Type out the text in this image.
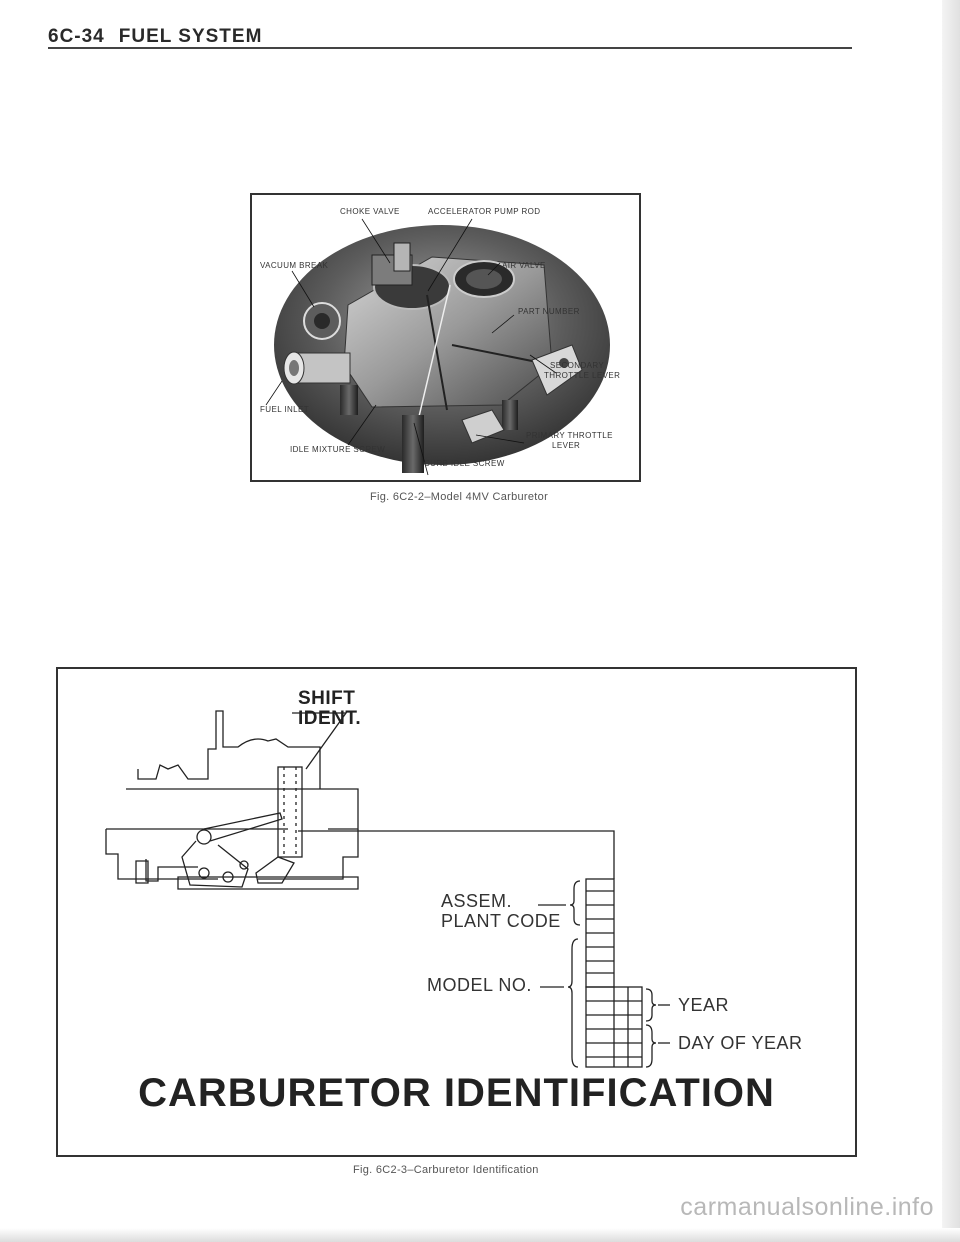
6C-34 FUEL SYSTEM
CHOKE VALVE	ACCELERATOR PUMP ROD
VACUUM BREAK	AIR VALVE
PART NUMBER
SECONDARY
THROTTLE LEVER
FUEL INLET
PRIMARY THROTTLE
LEVER
IDLE MIXTURE SCREW
CURB IDLE SCREW
Fig. 6C2-2–Model 4MV Carburetor
SHIFT
IDENT.
ASSEM.
PLANT CODE
MODEL NO.
YEAR
DAY OF YEAR
CARBURETOR IDENTIFICATION
Fig. 6C2-3–Carburetor Identification
carmanualsonline.info
